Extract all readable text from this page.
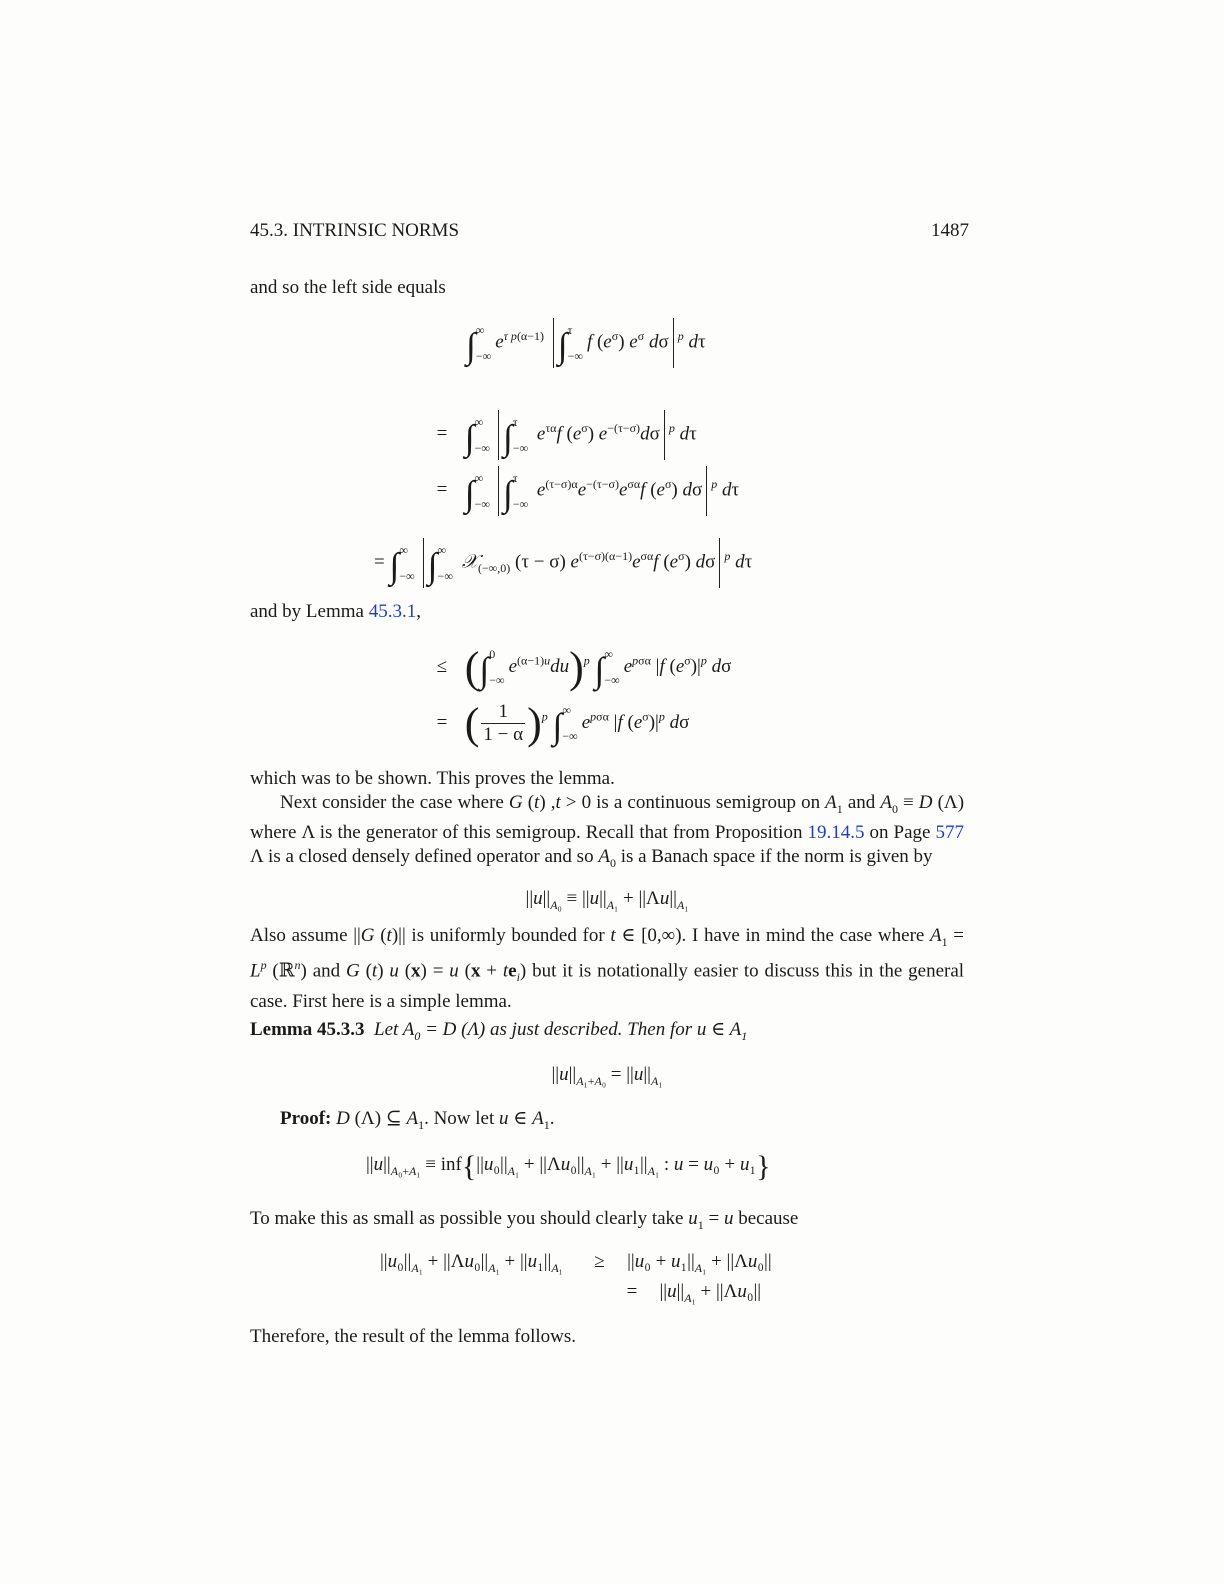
45.3. INTRINSIC NORMS	1487
and so the left side equals
∫∞

$-\infty e^{\tau p(\alpha-1)}$ ∫τ

−∞f $(e^\sigma)$ $e^\sigma$ dσ $^p$ dτ
= ∫∞

−∞ ∫τ

−∞ $e^{\tau\alpha}f$ $(e^\sigma)$ $e^{-(\tau-\sigma)}d\sigma$ $^p$ dτ
= ∫∞

−∞ ∫τ

−∞ $e^{(\tau-\sigma)\alpha}e^{-(\tau-\sigma)}e^{\sigma\alpha}f$ $(e^\sigma)$ dσ $^p$ dτ
= ∫∞

−∞ ∫∞

−∞ 𝒳$_{(-\infty,0)}$ (τ − σ) $e^{(\tau-\sigma)(\alpha-1)}e^{\sigma\alpha}f$ $(e^\sigma)$ dσ $^p$ dτ
and by Lemma 45.3.1,
≤ (∫0

$-\infty e^{(\alpha-1)u}du)^p$ ∫∞

$-\infty e^{p\sigma\alpha}$ |f $(e^\sigma)|^p$ dσ
= ( $\frac{1}{1 - \alpha} )^p$ ∫∞

$-\infty e^{p\sigma\alpha}$ |f $(e^\sigma)|^p$ dσ
which was to be shown. This proves the lemma.
Next consider the case where G (t) ,t > 0 is a continuous semigroup on $A_1$ and $A_0 \equiv D$ (Λ) where Λ is the generator of this semigroup. Recall that from Proposition 19.14.5 on Page 577 Λ is a closed densely defined operator and so $A_0$ is a Banach space if the norm is given by
$||u||_{A_0} \equiv ||u||_{A_1} + ||\Lambda u||_{A_1}$
Also assume ||G (t)|| is uniformly bounded for t ∈ [0,∞). I have in mind the case where $A_1 = L^p$ (ℝ$^n$) and G (t) u (x) = u $(x + te_i)$ but it is notationally easier to discuss this in the general case. First here is a simple lemma.
Lemma 45.3.3 Let $A_0 = D$ (Λ) as just described. Then for u ∈ $A_1$
$||u||_{A_1+A_0} = ||u||_{A_1}$
Proof: D (Λ) ⊆ $A_1$. Now let u ∈ $A_1$.
$||u||_{A_0+A_1} \equiv inf\{||u_0||_{A_1} + ||\Lambda u_0||_{A_1} + ||u_1||_{A_1}$ : u = u₀ + u₁}
To make this as small as possible you should clearly take $u_1 = u$ because
$||u_0||_{A_1} + ||\Lambda u_0||_{A_1} + ||u_1||_{A_1} \ge ||u_0 + u_1||_{A_1} + ||\Lambda u_0||$
=  $||u||_{A_1} + ||\Lambda u_0||$
Therefore, the result of the lemma follows.
